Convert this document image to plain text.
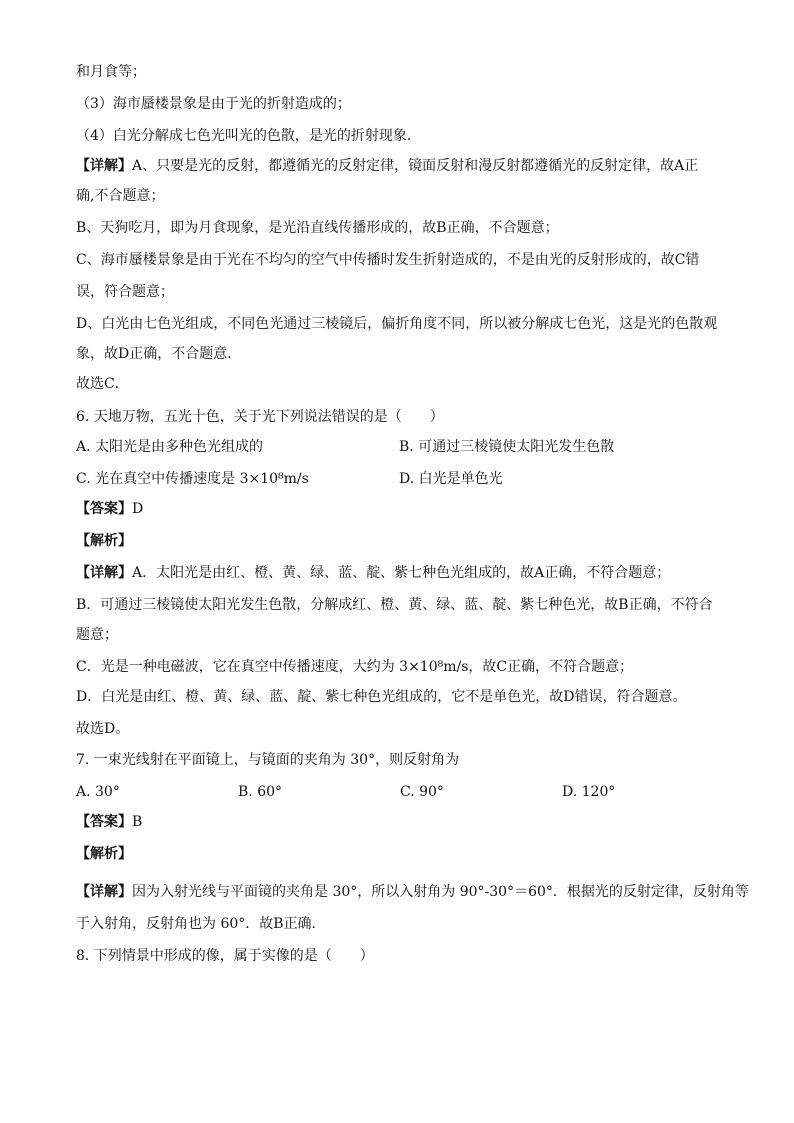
和月食等；
（3）海市蜃楼景象是由于光的折射造成的；
（4）白光分解成七色光叫光的色散，是光的折射现象．
【详解】A、只要是光的反射，都遵循光的反射定律，镜面反射和漫反射都遵循光的反射定律，故A正
确,不合题意；
B、天狗吃月，即为月食现象，是光沿直线传播形成的，故B正确，不合题意；
C、海市蜃楼景象是由于光在不均匀的空气中传播时发生折射造成的，不是由光的反射形成的，故C错
误，符合题意；
D、白光由七色光组成，不同色光通过三棱镜后，偏折角度不同，所以被分解成七色光，这是光的色散观
象，故D正确，不合题意．
故选C．
6. 天地万物，五光十色，关于光下列说法错误的是（　　）
A. 太阳光是由多种色光组成的	B. 可通过三棱镜使太阳光发生色散
C. 光在真空中传播速度是 3×10⁸m/s	D. 白光是单色光
【答案】D
【解析】
【详解】A．太阳光是由红、橙、黄、绿、蓝、靛、紫七种色光组成的，故A正确，不符合题意；
B．可通过三棱镜使太阳光发生色散，分解成红、橙、黄、绿、蓝、靛、紫七种色光，故B正确，不符合
题意；
C．光是一种电磁波，它在真空中传播速度，大约为 3×10⁸m/s，故C正确，不符合题意；
D．白光是由红、橙、黄、绿、蓝、靛、紫七种色光组成的，它不是单色光，故D错误，符合题意。
故选D。
7. 一束光线射在平面镜上，与镜面的夹角为 30°，则反射角为
A. 30°	B. 60°	C. 90°	D. 120°
【答案】B
【解析】
【详解】因为入射光线与平面镜的夹角是 30°，所以入射角为 90°-30°＝60°．根据光的反射定律，反射角等
于入射角，反射角也为 60°．故B正确．
8. 下列情景中形成的像，属于实像的是（　　）
